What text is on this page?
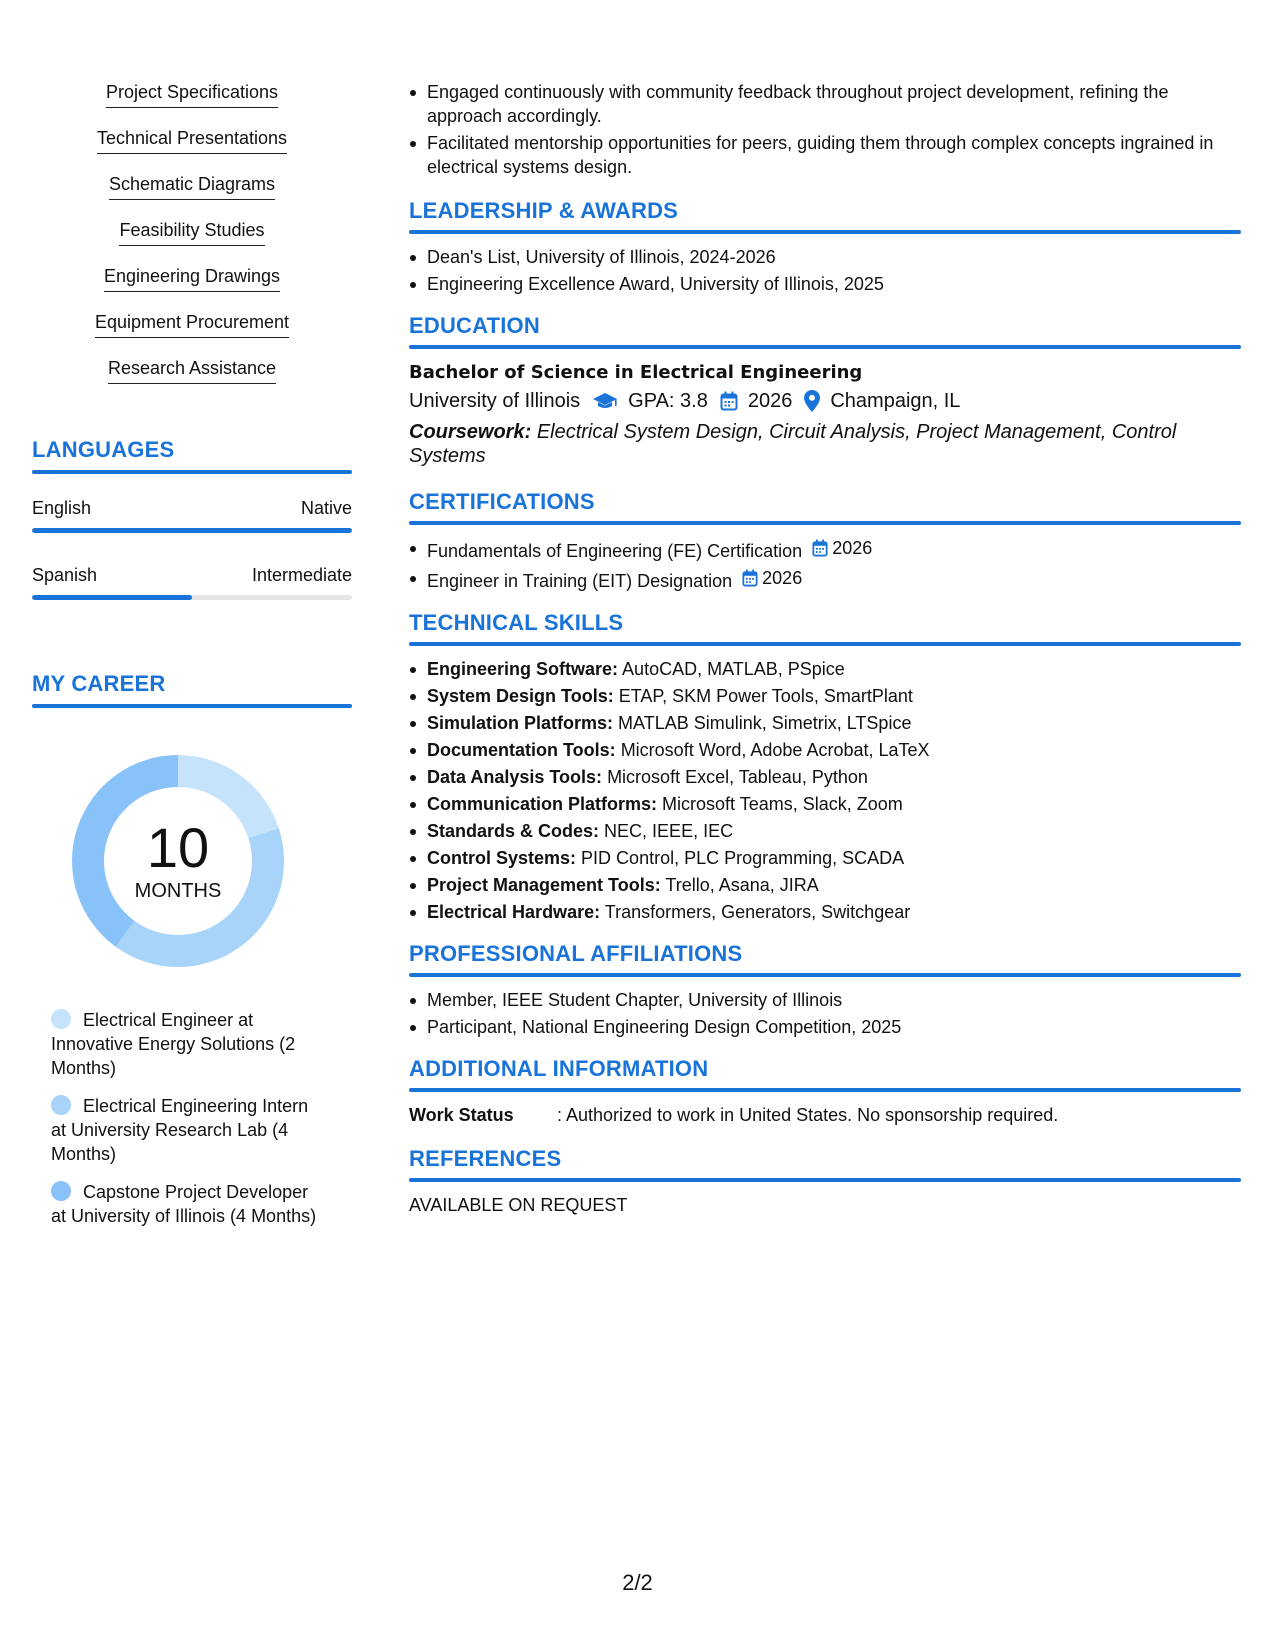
Project Specifications
Technical Presentations
Schematic Diagrams
Feasibility Studies
Engineering Drawings
Equipment Procurement
Research Assistance
LANGUAGES
English	Native
Spanish	Intermediate
MY CAREER
10
MONTHS
Electrical Engineer at Innovative Energy Solutions (2 Months)
Electrical Engineering Intern at University Research Lab (4 Months)
Capstone Project Developer at University of Illinois (4 Months)
Engaged continuously with community feedback throughout project development, refining the approach accordingly.
Facilitated mentorship opportunities for peers, guiding them through complex concepts ingrained in electrical systems design.
LEADERSHIP & AWARDS
Dean's List, University of Illinois, 2024-2026
Engineering Excellence Award, University of Illinois, 2025
EDUCATION
Bachelor of Science in Electrical Engineering
University of Illinois GPA: 3.8 2026 Champaign, IL
Coursework: Electrical System Design, Circuit Analysis, Project Management, Control Systems
CERTIFICATIONS
Fundamentals of Engineering (FE) Certification 2026
Engineer in Training (EIT) Designation 2026
TECHNICAL SKILLS
Engineering Software: AutoCAD, MATLAB, PSpice
System Design Tools: ETAP, SKM Power Tools, SmartPlant
Simulation Platforms: MATLAB Simulink, Simetrix, LTSpice
Documentation Tools: Microsoft Word, Adobe Acrobat, LaTeX
Data Analysis Tools: Microsoft Excel, Tableau, Python
Communication Platforms: Microsoft Teams, Slack, Zoom
Standards & Codes: NEC, IEEE, IEC
Control Systems: PID Control, PLC Programming, SCADA
Project Management Tools: Trello, Asana, JIRA
Electrical Hardware: Transformers, Generators, Switchgear
PROFESSIONAL AFFILIATIONS
Member, IEEE Student Chapter, University of Illinois
Participant, National Engineering Design Competition, 2025
ADDITIONAL INFORMATION
Work Status	: Authorized to work in United States. No sponsorship required.
REFERENCES
AVAILABLE ON REQUEST
2/2
